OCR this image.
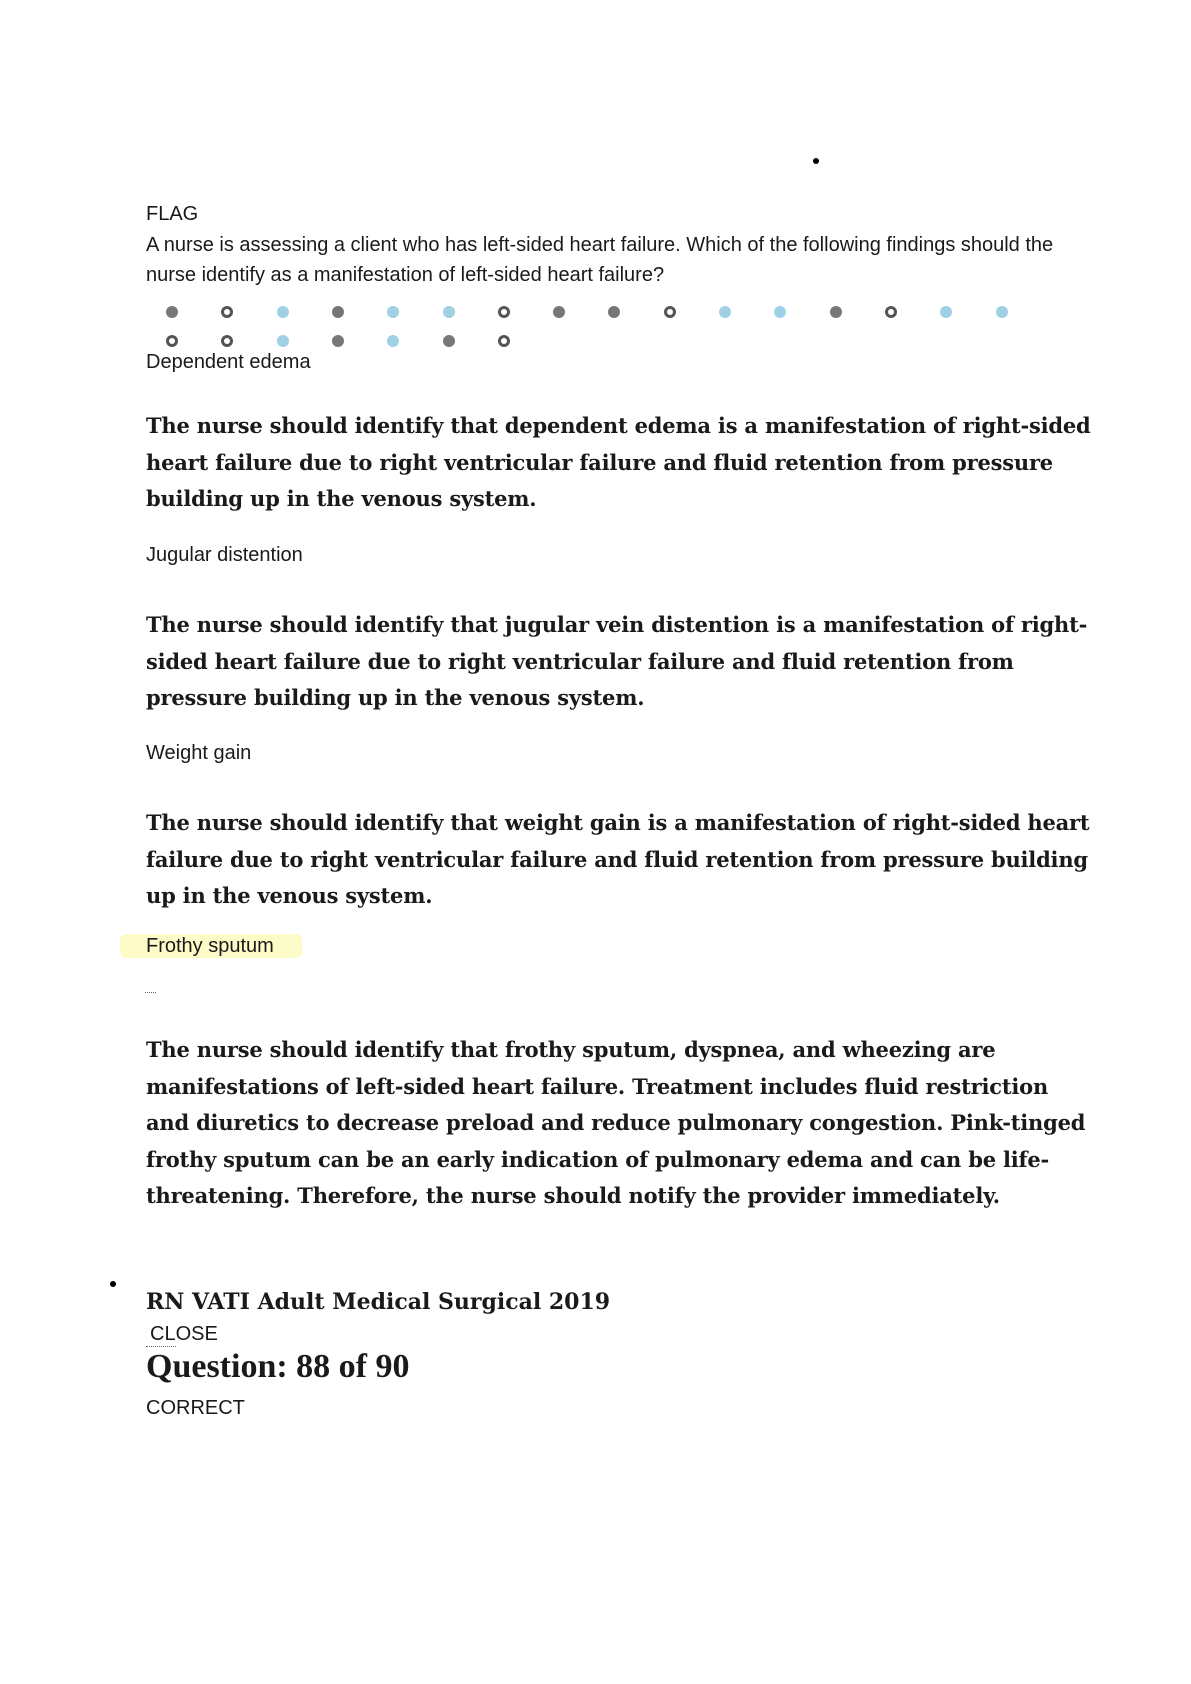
FLAG
A nurse is assessing a client who has left-sided heart failure. Which of the following findings should the nurse identify as a manifestation of left-sided heart failure?
Dependent edema
The nurse should identify that dependent edema is a manifestation of right-sided heart failure due to right ventricular failure and fluid retention from pressure building up in the venous system.
Jugular distention
The nurse should identify that jugular vein distention is a manifestation of right-sided heart failure due to right ventricular failure and fluid retention from pressure building up in the venous system.
Weight gain
The nurse should identify that weight gain is a manifestation of right-sided heart failure due to right ventricular failure and fluid retention from pressure building up in the venous system.
Frothy sputum
The nurse should identify that frothy sputum, dyspnea, and wheezing are manifestations of left-sided heart failure. Treatment includes fluid restriction and diuretics to decrease preload and reduce pulmonary congestion. Pink-tinged frothy sputum can be an early indication of pulmonary edema and can be life-threatening. Therefore, the nurse should notify the provider immediately.
RN VATI Adult Medical Surgical 2019
CLOSE
Question: 88 of 90
CORRECT
